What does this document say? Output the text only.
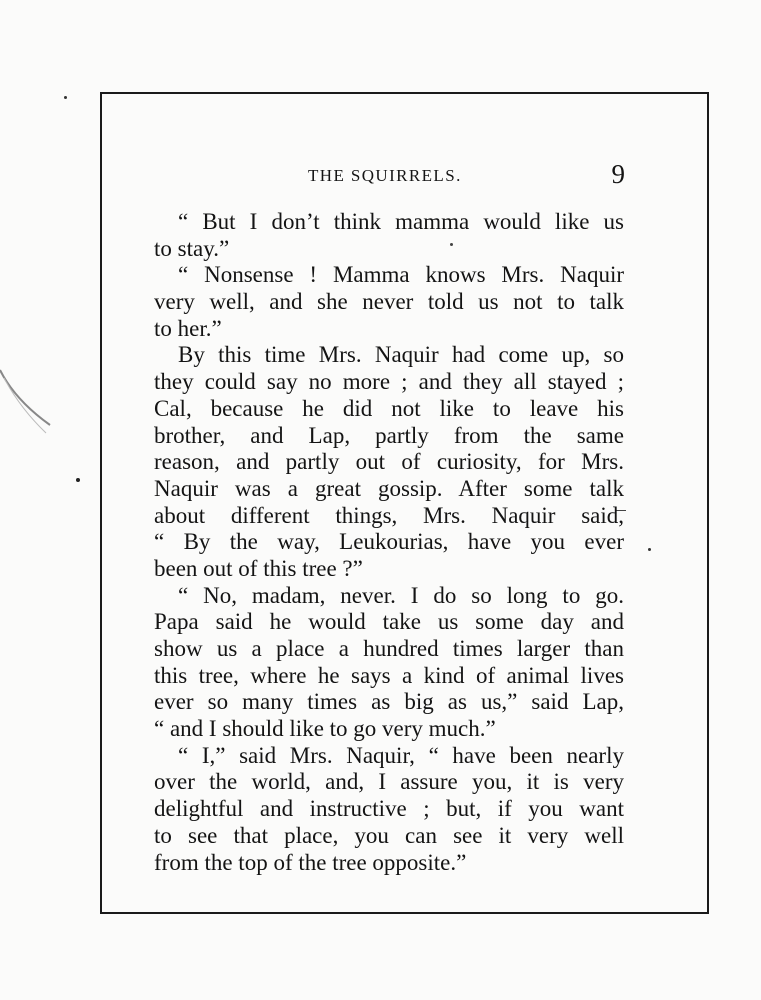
THE SQUIRRELS.	9
“ But I don’t think mamma would like us
to stay.”
“ Nonsense ! Mamma knows Mrs. Naquir
very well, and she never told us not to talk
to her.”
By this time Mrs. Naquir had come up, so
they could say no more ; and they all stayed ;
Cal, because he did not like to leave his
brother, and Lap, partly from the same
reason, and partly out of curiosity, for Mrs.
Naquir was a great gossip. After some talk
about different things, Mrs. Naquir said,
“ By the way, Leukourias, have you ever
been out of this tree ?”
“ No, madam, never. I do so long to go.
Papa said he would take us some day and
show us a place a hundred times larger than
this tree, where he says a kind of animal lives
ever so many times as big as us,” said Lap,
“ and I should like to go very much.”
“ I,” said Mrs. Naquir, “ have been nearly
over the world, and, I assure you, it is very
delightful and instructive ; but, if you want
to see that place, you can see it very well
from the top of the tree opposite.”
